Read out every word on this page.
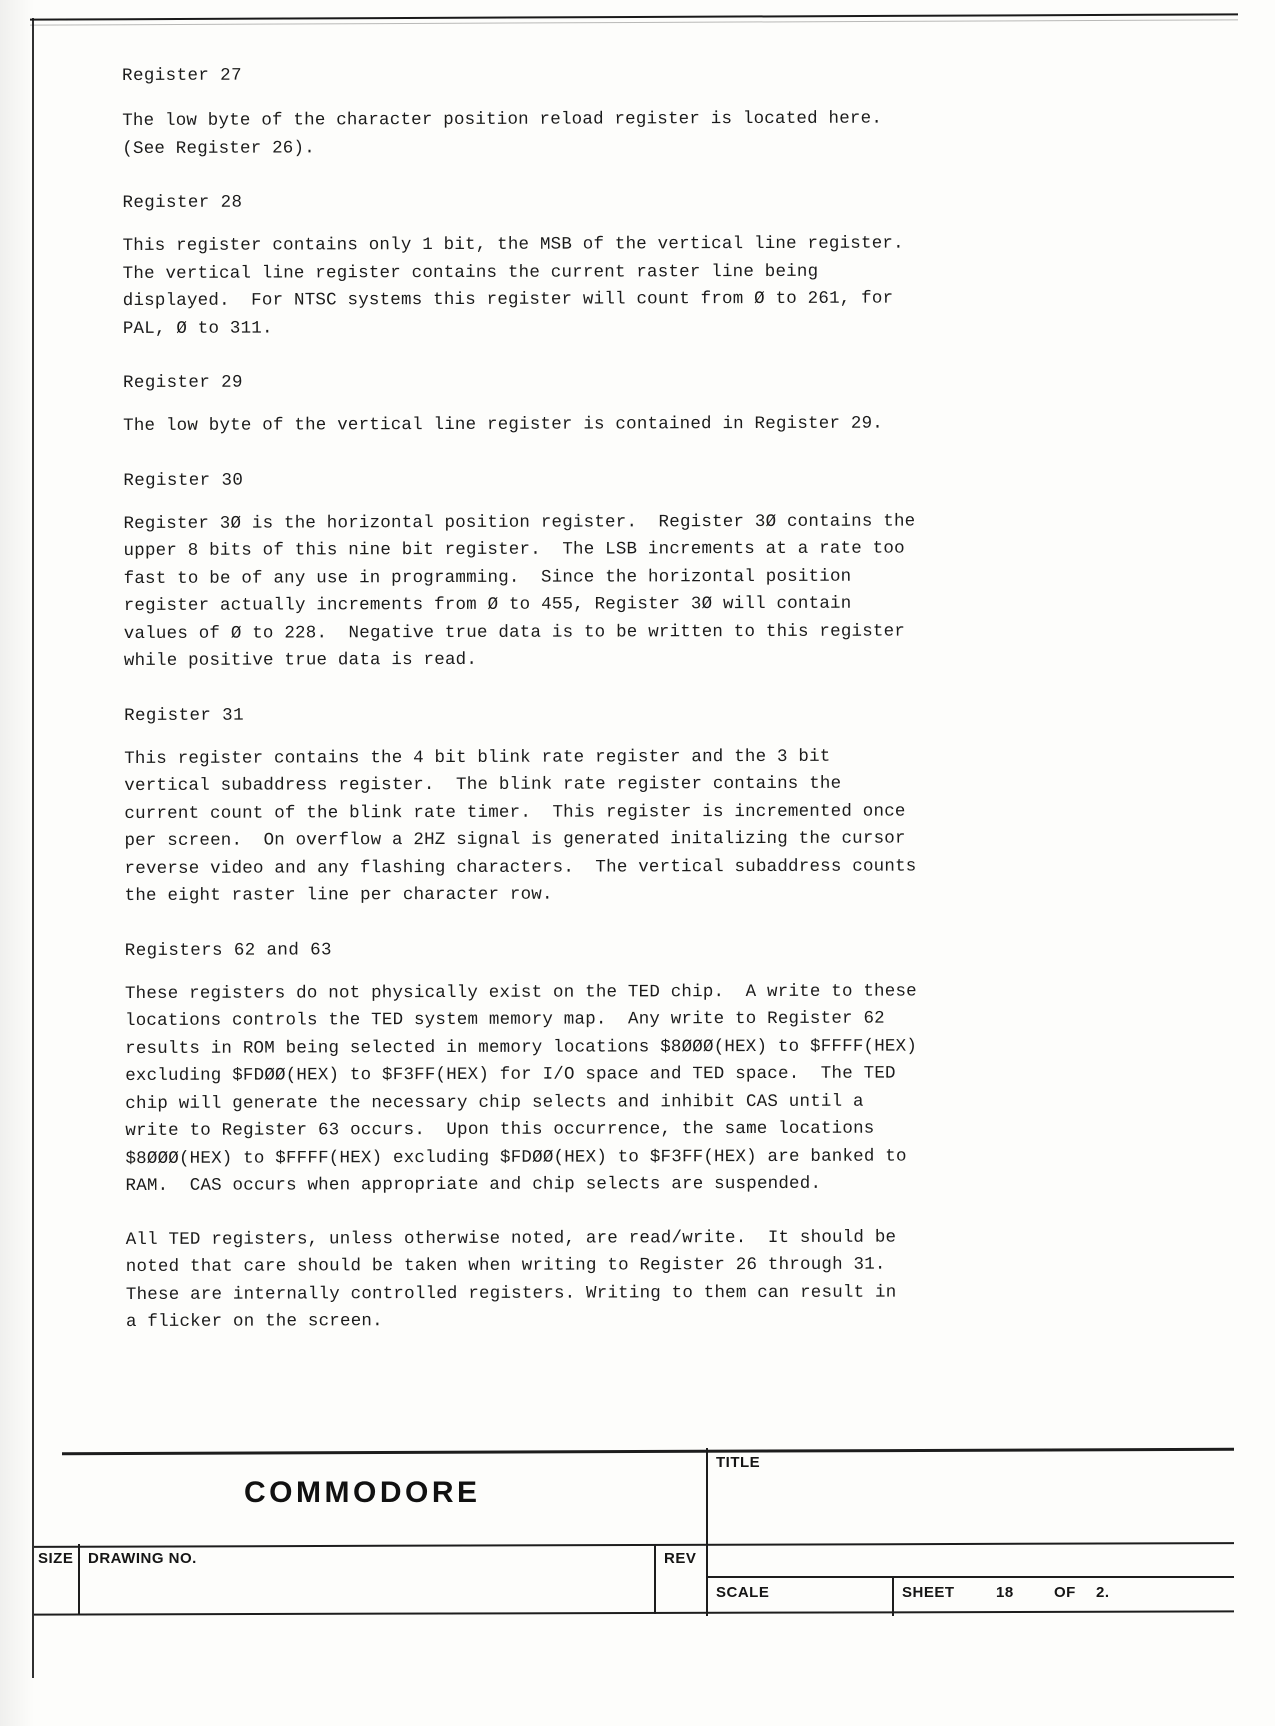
Register 27

The low byte of the character position reload register is located here.
(See Register 26).

Register 28

This register contains only 1 bit, the MSB of the vertical line register.
The vertical line register contains the current raster line being
displayed.  For NTSC systems this register will count from Ø to 261, for
PAL, Ø to 311.

Register 29

The low byte of the vertical line register is contained in Register 29.

Register 30

Register 3Ø is the horizontal position register.  Register 3Ø contains the
upper 8 bits of this nine bit register.  The LSB increments at a rate too
fast to be of any use in programming.  Since the horizontal position
register actually increments from Ø to 455, Register 3Ø will contain
values of Ø to 228.  Negative true data is to be written to this register
while positive true data is read.

Register 31

This register contains the 4 bit blink rate register and the 3 bit
vertical subaddress register.  The blink rate register contains the
current count of the blink rate timer.  This register is incremented once
per screen.  On overflow a 2HZ signal is generated initalizing the cursor
reverse video and any flashing characters.  The vertical subaddress counts
the eight raster line per character row.

Registers 62 and 63

These registers do not physically exist on the TED chip.  A write to these
locations controls the TED system memory map.  Any write to Register 62
results in ROM being selected in memory locations $8ØØØ(HEX) to $FFFF(HEX)
excluding $FDØØ(HEX) to $F3FF(HEX) for I/O space and TED space.  The TED
chip will generate the necessary chip selects and inhibit CAS until a
write to Register 63 occurs.  Upon this occurrence, the same locations
$8ØØØ(HEX) to $FFFF(HEX) excluding $FDØØ(HEX) to $F3FF(HEX) are banked to
RAM.  CAS occurs when appropriate and chip selects are suspended.

All TED registers, unless otherwise noted, are read/write.  It should be
noted that care should be taken when writing to Register 26 through 31.
These are internally controlled registers. Writing to them can result in
a flicker on the screen.

COMMODORE
TITLE
SIZE DRAWING NO.	REV
SCALE	SHEET	18	OF 2.
